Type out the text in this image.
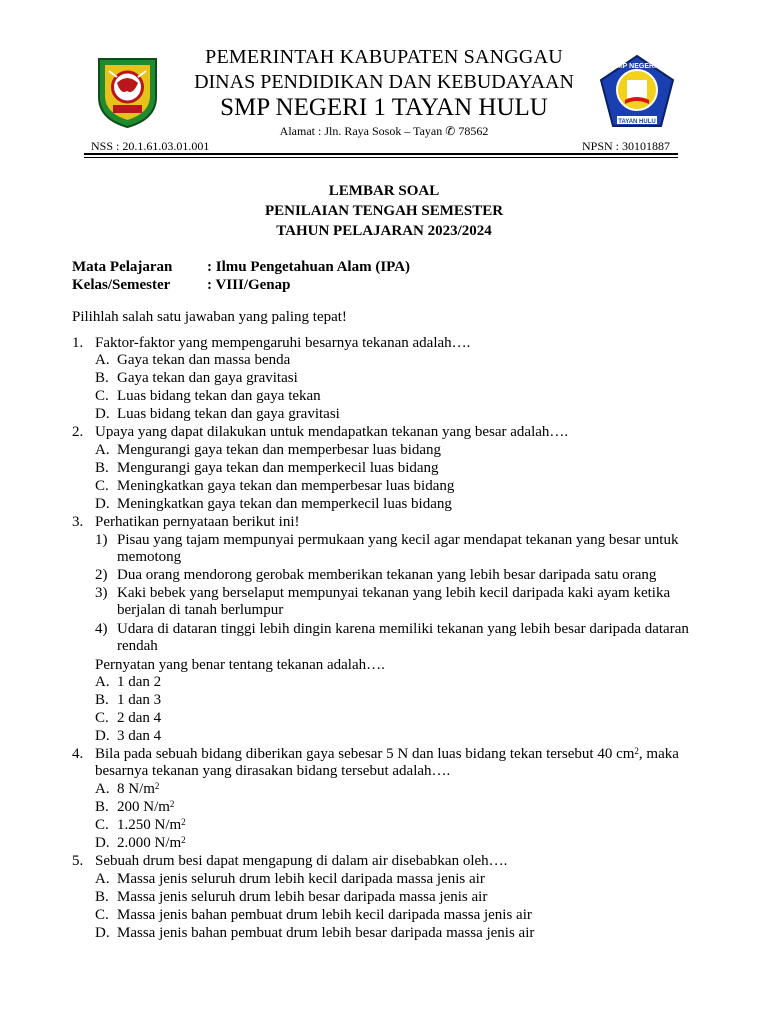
TAYAN HULU
SMP NEGERI 1
PEMERINTAH KABUPATEN SANGGAU
DINAS PENDIDIKAN DAN KEBUDAYAAN
SMP NEGERI 1 TAYAN HULU
Alamat : Jln. Raya Sosok – Tayan ✆ 78562
NSS : 20.1.61.03.01.001	NPSN : 30101887
LEMBAR SOAL
PENILAIAN TENGAH SEMESTER
TAHUN PELAJARAN 2023/2024
Mata Pelajaran : Ilmu Pengetahuan Alam (IPA)
Kelas/Semester : VIII/Genap
Pilihlah salah satu jawaban yang paling tepat!
1. Faktor-faktor yang mempengaruhi besarnya tekanan adalah….
A. Gaya tekan dan massa benda
B. Gaya tekan dan gaya gravitasi
C. Luas bidang tekan dan gaya tekan
D. Luas bidang tekan dan gaya gravitasi
2. Upaya yang dapat dilakukan untuk mendapatkan tekanan yang besar adalah….
A. Mengurangi gaya tekan dan memperbesar luas bidang
B. Mengurangi gaya tekan dan memperkecil luas bidang
C. Meningkatkan gaya tekan dan memperbesar luas bidang
D. Meningkatkan gaya tekan dan memperkecil luas bidang
3. Perhatikan pernyataan berikut ini!
1) Pisau yang tajam mempunyai permukaan yang kecil agar mendapat tekanan yang besar untuk
memotong
2) Dua orang mendorong gerobak memberikan tekanan yang lebih besar daripada satu orang
3) Kaki bebek yang berselaput mempunyai tekanan yang lebih kecil daripada kaki ayam ketika
berjalan di tanah berlumpur
4) Udara di dataran tinggi lebih dingin karena memiliki tekanan yang lebih besar daripada dataran
rendah
Pernyatan yang benar tentang tekanan adalah….
A. 1 dan 2
B. 1 dan 3
C. 2 dan 4
D. 3 dan 4
4. Bila pada sebuah bidang diberikan gaya sebesar 5 N dan luas bidang tekan tersebut 40 $cm^2$, maka
besarnya tekanan yang dirasakan bidang tersebut adalah….
A. 8 $N/m^2$
B. 200 $N/m^2$
C. 1.250 $N/m^2$
D. 2.000 $N/m^2$
5. Sebuah drum besi dapat mengapung di dalam air disebabkan oleh….
A. Massa jenis seluruh drum lebih kecil daripada massa jenis air
B. Massa jenis seluruh drum lebih besar daripada massa jenis air
C. Massa jenis bahan pembuat drum lebih kecil daripada massa jenis air
D. Massa jenis bahan pembuat drum lebih besar daripada massa jenis air
